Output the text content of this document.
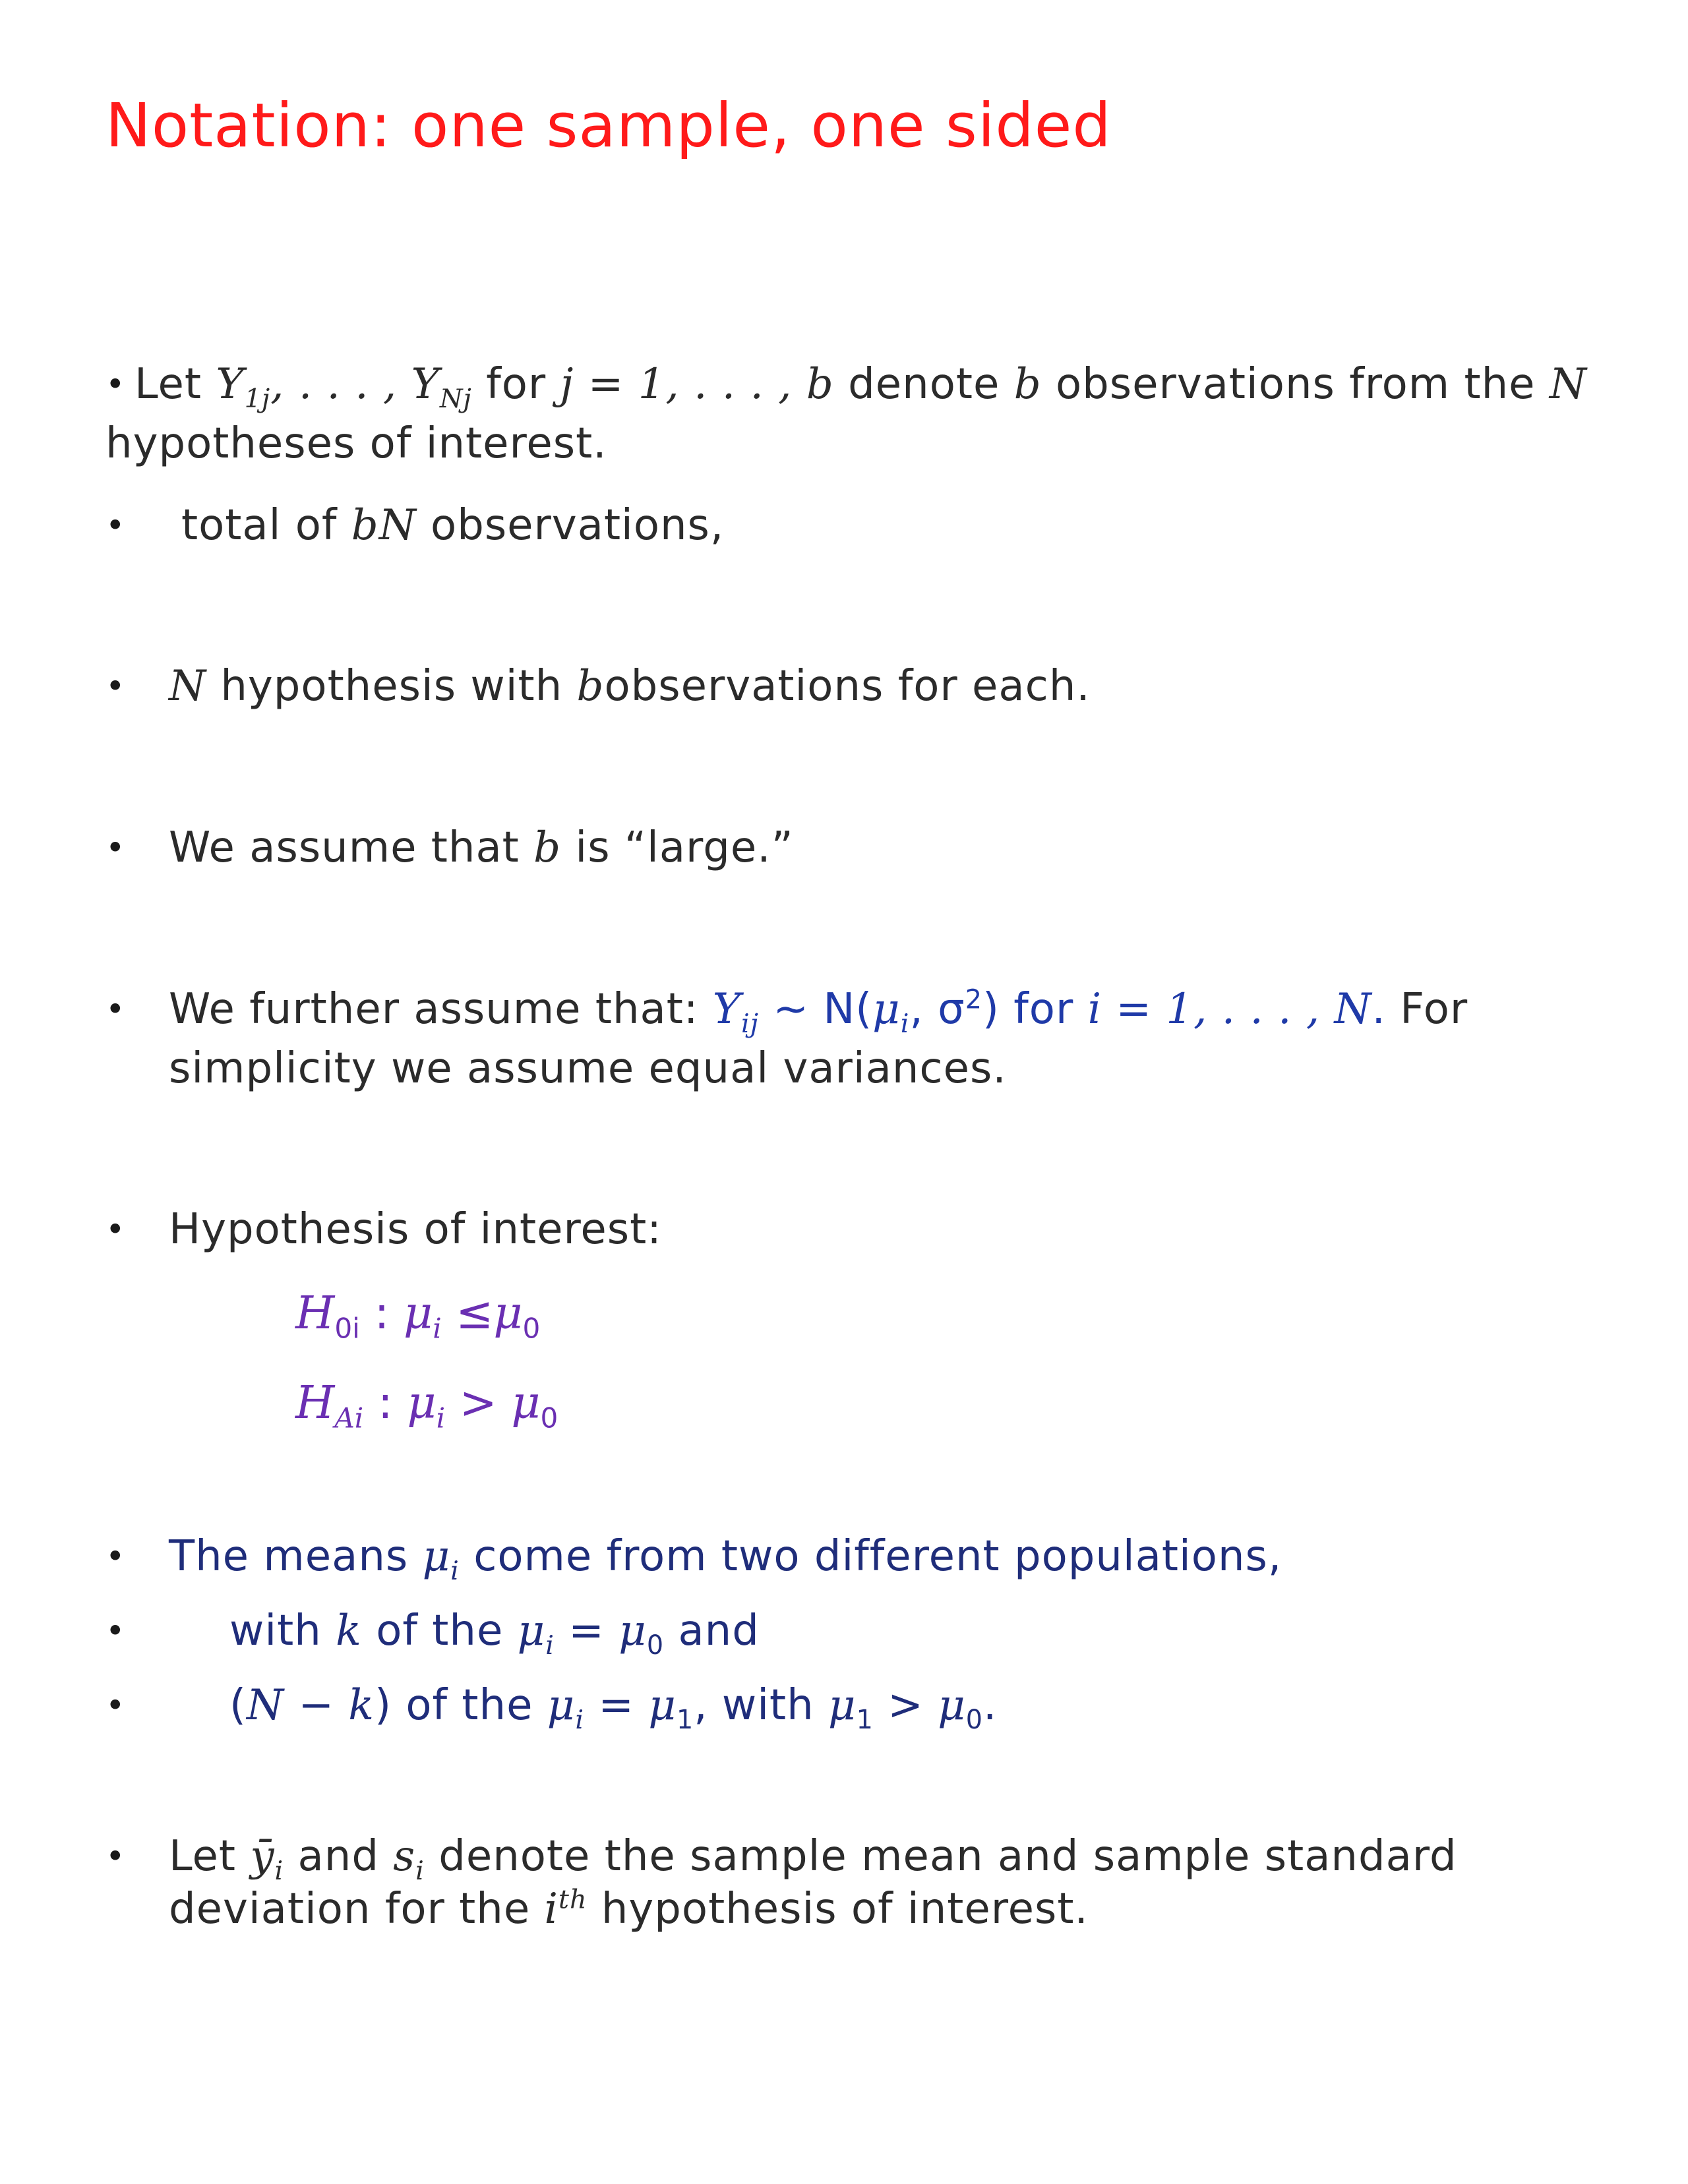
Notation: one sample, one sided
• Let $Y_{1j}$, . . . , $Y_{Nj}$ for j = 1, . . . , b denote b observations from the N
hypotheses of interest.
• total of bN observations,
• N hypothesis with bobservations for each.
• We assume that b is “large.”
• We further assume that: $Y_{ij}$ ∼ $N(\mu_i$, $\sigma^2$) for i = 1, . . . , N. For
simplicity we assume equal variances.
• Hypothesis of interest:
$H_{0i}$ : $\mu_i \le\mu_0$
$H_{Ai}$ : $\mu_i > \mu_0$
• The means $\mu_i$ come from two different populations,
• with k of the $\mu_i = \mu_0$ and
• (N − k) of the $\mu_i = \mu_1$, with $\mu_1 > \mu_0$.
• Let $ȳ_i$ and $s_i$ denote the sample mean and sample standard
deviation for the $i^{th}$ hypothesis of interest.
